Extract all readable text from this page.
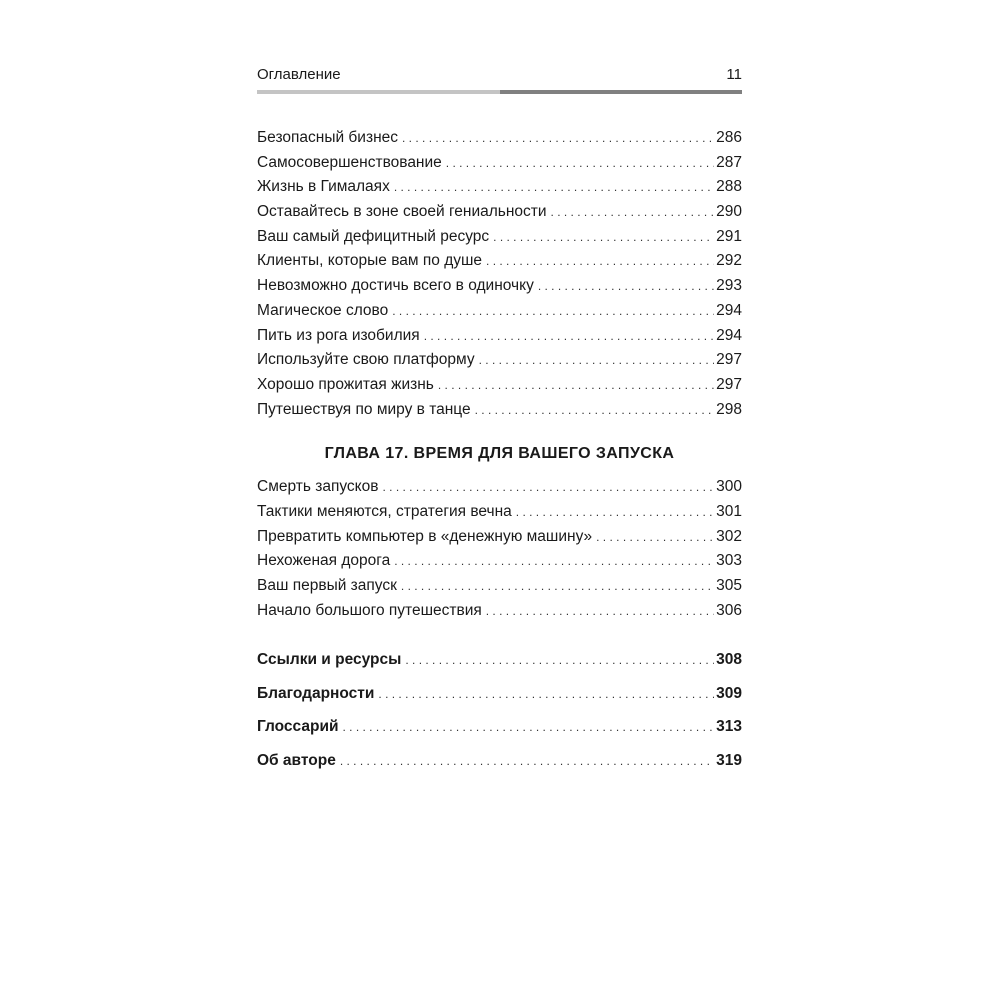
Оглавление	11
Безопасный бизнес . . .	286
Самосовершенствование . . .	287
Жизнь в Гималаях . . .	288
Оставайтесь в зоне своей гениальности . . .	290
Ваш самый дефицитный ресурс . . .	291
Клиенты, которые вам по душе . . .	292
Невозможно достичь всего в одиночку . . .	293
Магическое слово . . .	294
Пить из рога изобилия . . .	294
Используйте свою платформу . . .	297
Хорошо прожитая жизнь . . .	297
Путешествуя по миру в танце . . .	298
ГЛАВА 17. ВРЕМЯ ДЛЯ ВАШЕГО ЗАПУСКА
Смерть запусков . . .	300
Тактики меняются, стратегия вечна . . .	301
Превратить компьютер в «денежную машину» . . .	302
Нехоженая дорога . . .	303
Ваш первый запуск . . .	305
Начало большого путешествия . . .	306
Ссылки и ресурсы . . .	308
Благодарности . . .	309
Глоссарий . . .	313
Об авторе . . .	319
